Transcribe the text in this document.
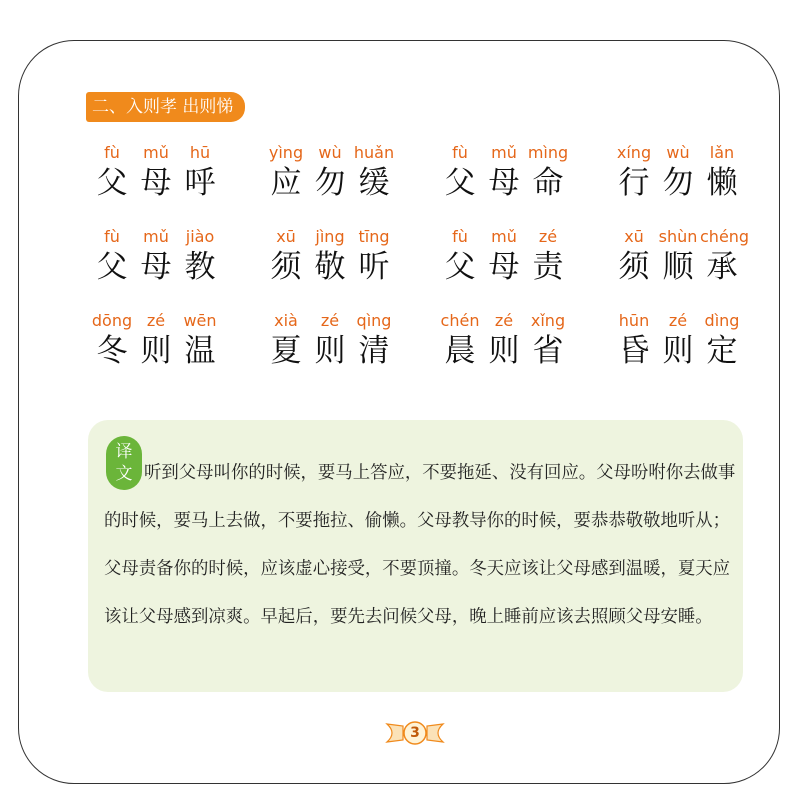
二、入则孝 出则悌
fù
父
mǔ
母
hū
呼
yìng
应
wù
勿
huǎn
缓
fù
父
mǔ
母
mìng
命
xíng
行
wù
勿
lǎn
懒
fù
父
mǔ
母
jiào
教
xū
须
jìng
敬
tīng
听
fù
父
mǔ
母
zé
责
xū
须
shùn
顺
chéng
承
dōng
冬
zé
则
wēn
温
xià
夏
zé
则
qìng
清
chén
晨
zé
则
xǐng
省
hūn
昏
zé
则
dìng
定
译
文 听到父母叫你的时候，要马上答应，不要拖延、没有回应。父母吩咐你去做事的时候，要马上去做，不要拖拉、偷懒。父母教导你的时候，要恭恭敬敬地听从；父母责备你的时候，应该虚心接受，不要顶撞。冬天应该让父母感到温暖，夏天应该让父母感到凉爽。早起后，要先去问候父母，晚上睡前应该去照顾父母安睡。

3
